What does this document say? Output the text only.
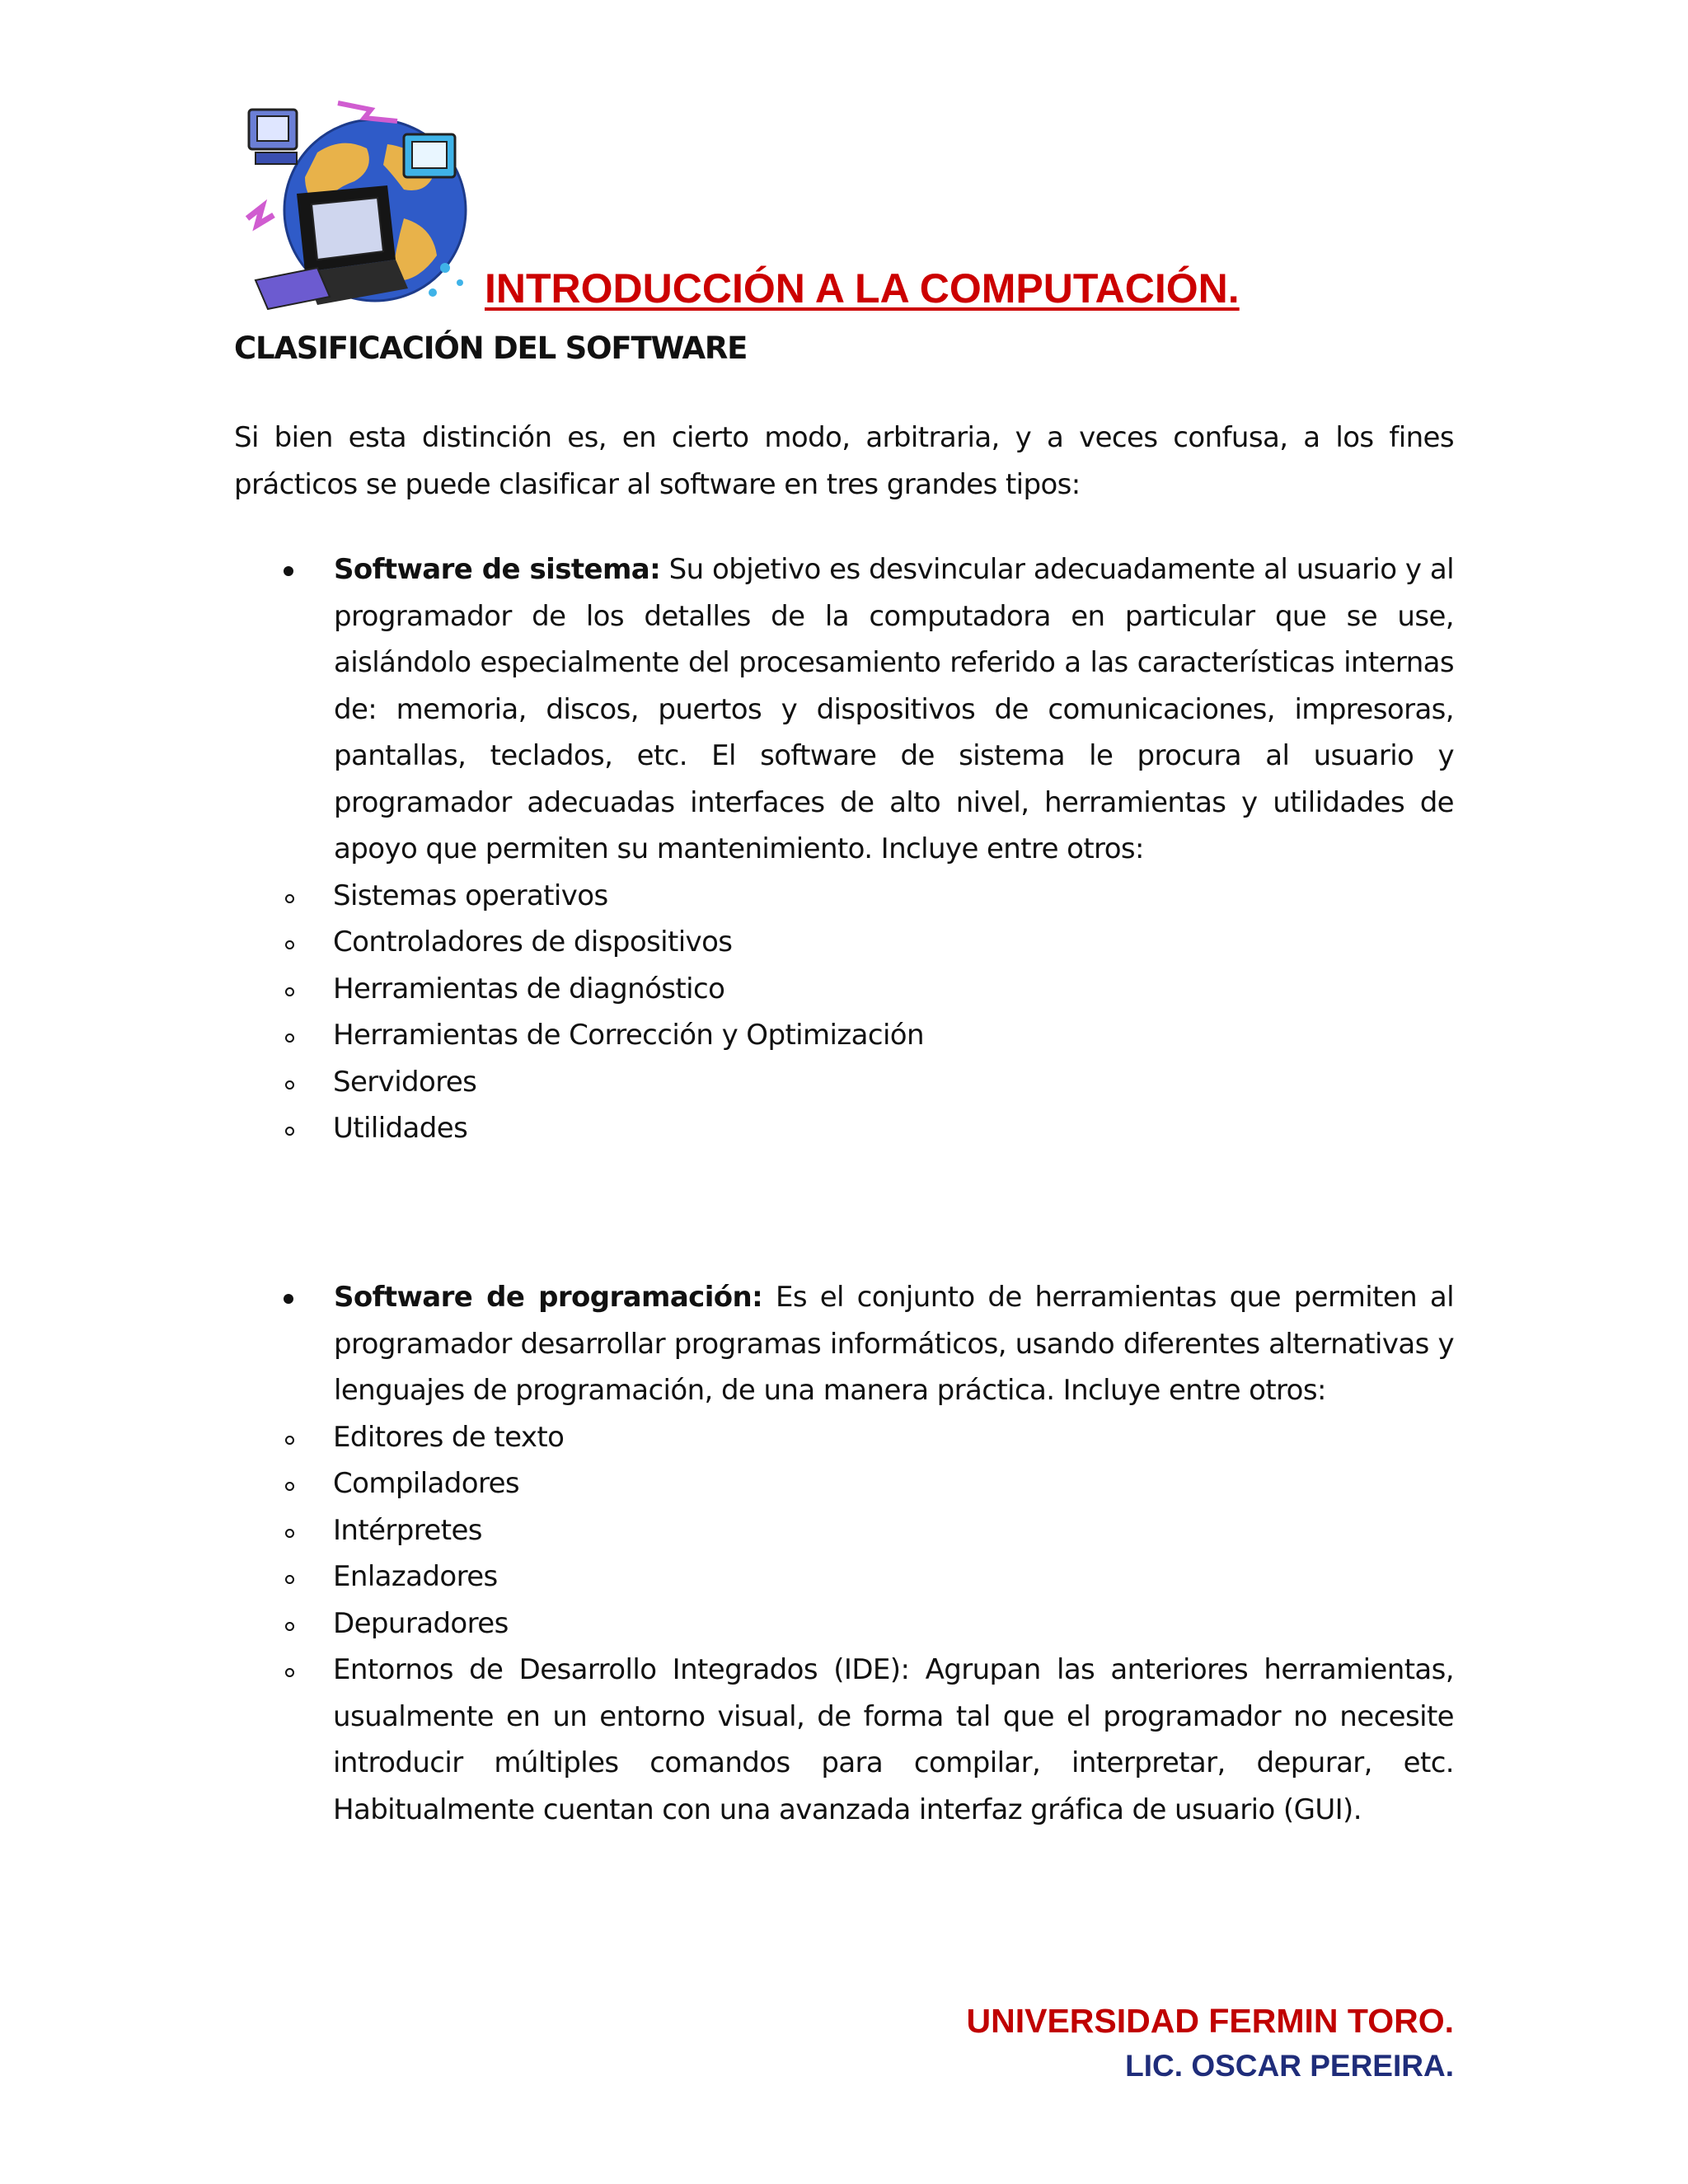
INTRODUCCIÓN A LA COMPUTACIÓN.
CLASIFICACIÓN DEL SOFTWARE
Si bien esta distinción es, en cierto modo, arbitraria, y a veces confusa, a los fines prácticos se puede clasificar al software en tres grandes tipos:
Software de sistema: Su objetivo es desvincular adecuadamente al usuario y al programador de los detalles de la computadora en particular que se use, aislándolo especialmente del procesamiento referido a las características internas de: memoria, discos, puertos y dispositivos de comunicaciones, impresoras, pantallas, teclados, etc. El software de sistema le procura al usuario y programador adecuadas interfaces de alto nivel, herramientas y utilidades de apoyo que permiten su mantenimiento. Incluye entre otros:
Sistemas operativos
Controladores de dispositivos
Herramientas de diagnóstico
Herramientas de Corrección y Optimización
Servidores
Utilidades
Software de programación: Es el conjunto de herramientas que permiten al programador desarrollar programas informáticos, usando diferentes alternativas y lenguajes de programación, de una manera práctica. Incluye entre otros:
Editores de texto
Compiladores
Intérpretes
Enlazadores
Depuradores
Entornos de Desarrollo Integrados (IDE): Agrupan las anteriores herramientas, usualmente en un entorno visual, de forma tal que el programador no necesite introducir múltiples comandos para compilar, interpretar, depurar, etc. Habitualmente cuentan con una avanzada interfaz gráfica de usuario (GUI).
UNIVERSIDAD FERMIN TORO.
LIC. OSCAR PEREIRA.
